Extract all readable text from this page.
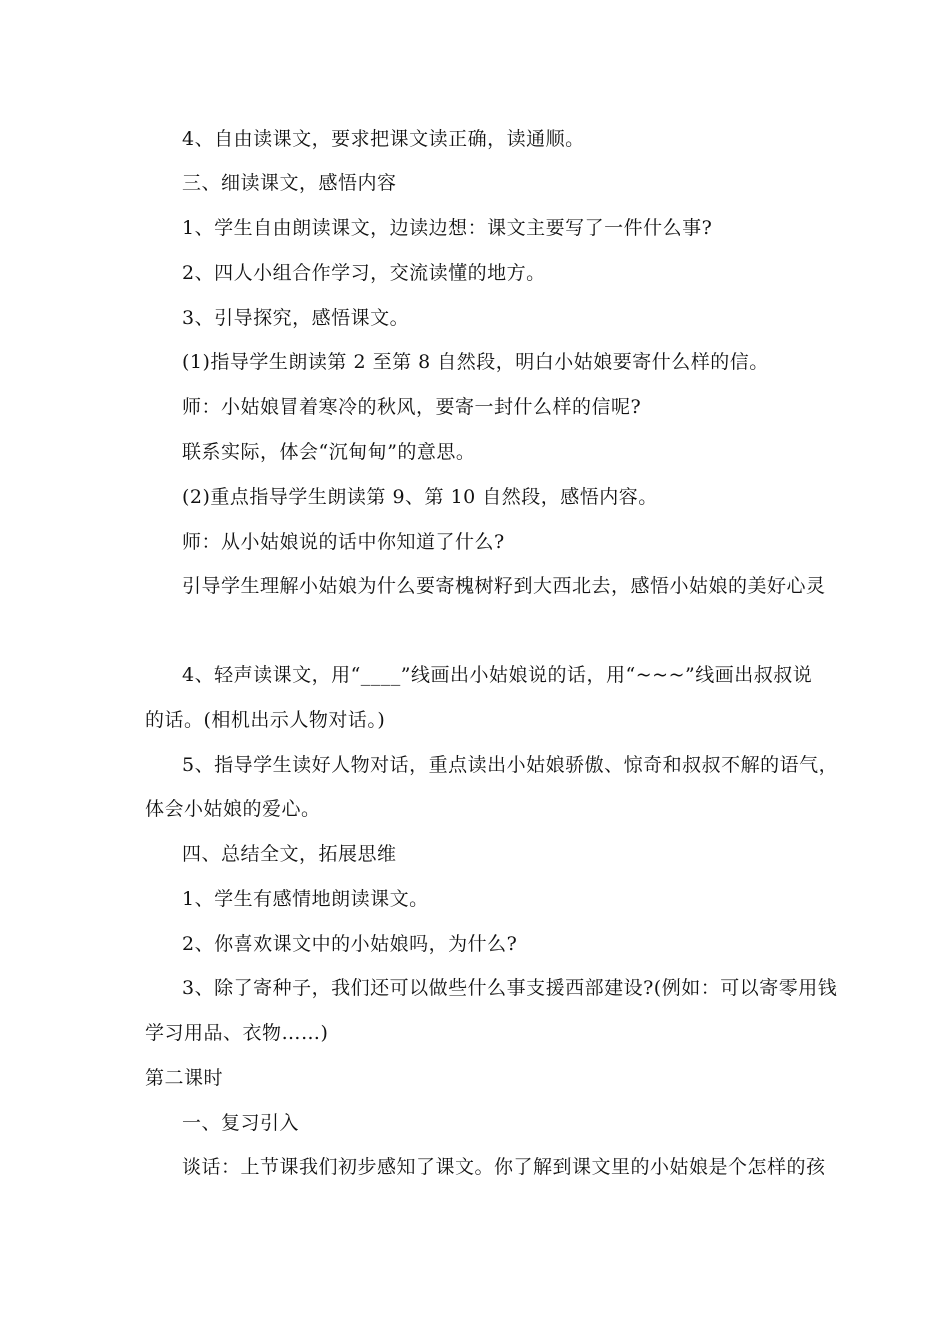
4、自由读课文，要求把课文读正确，读通顺。
三、细读课文，感悟内容
1、学生自由朗读课文，边读边想：课文主要写了一件什么事?
2、四人小组合作学习，交流读懂的地方。
3、引导探究，感悟课文。
(1)指导学生朗读第 2 至第 8 自然段，明白小姑娘要寄什么样的信。
师：小姑娘冒着寒冷的秋风，要寄一封什么样的信呢?
联系实际，体会“沉甸甸”的意思。
(2)重点指导学生朗读第 9、第 10 自然段，感悟内容。
师：从小姑娘说的话中你知道了什么?
引导学生理解小姑娘为什么要寄槐树籽到大西北去，感悟小姑娘的美好心灵
4、轻声读课文，用“____”线画出小姑娘说的话，用“~~~”线画出叔叔说
的话。(相机出示人物对话。)
5、指导学生读好人物对话，重点读出小姑娘骄傲、惊奇和叔叔不解的语气，
体会小姑娘的爱心。
四、总结全文，拓展思维
1、学生有感情地朗读课文。
2、你喜欢课文中的小姑娘吗，为什么?
3、除了寄种子，我们还可以做些什么事支援西部建设?(例如：可以寄零用钱
学习用品、衣物……)
第二课时
一、复习引入
谈话：上节课我们初步感知了课文。你了解到课文里的小姑娘是个怎样的孩
